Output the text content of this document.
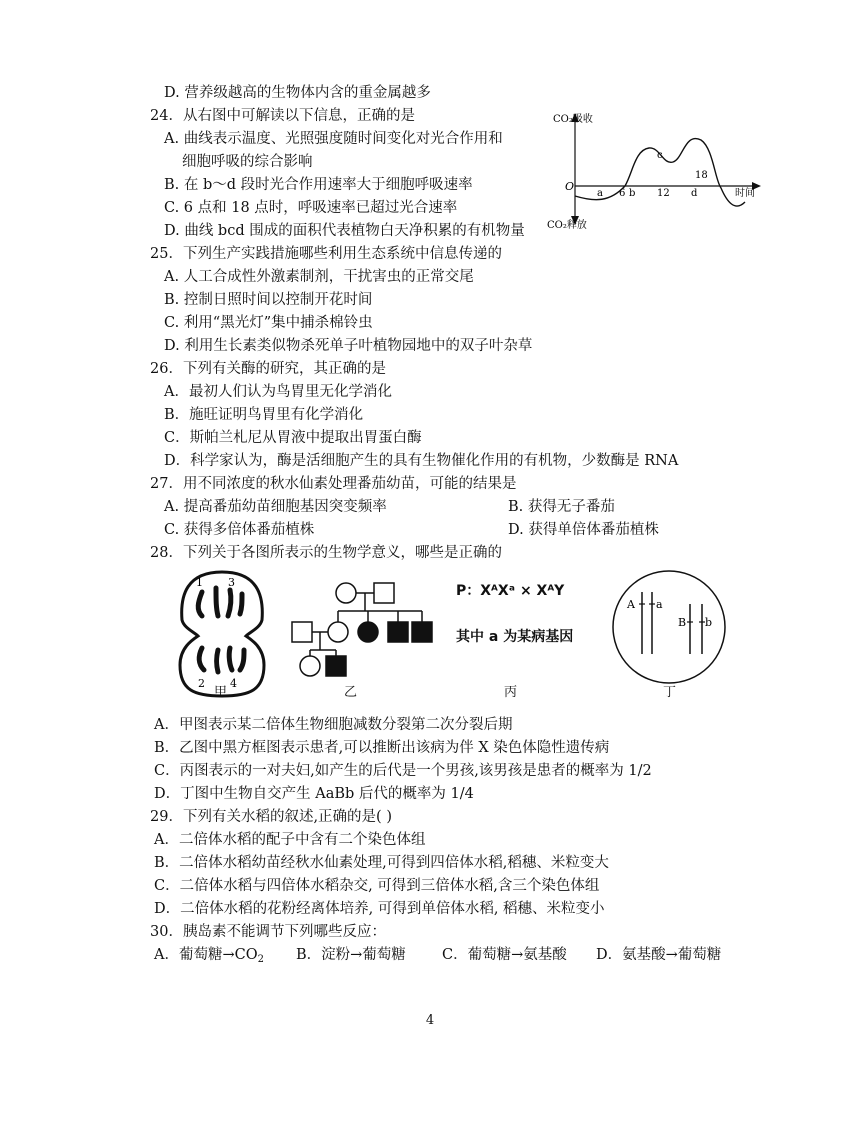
D. 营养级越高的生物体内含的重金属越多
24．从右图中可解读以下信息，正确的是
A. 曲线表示温度、光照强度随时间变化对光合作用和
细胞呼吸的综合影响
B. 在 b～d 段时光合作用速率大于细胞呼吸速率
C. 6 点和 18 点时，呼吸速率已超过光合速率
D. 曲线 bcd 围成的面积代表植物白天净积累的有机物量
CO₂吸收
CO₂释放
O
时间
a 6 b 12
c
18
d
25．下列生产实践措施哪些利用生态系统中信息传递的
A. 人工合成性外激素制剂，干扰害虫的正常交尾
B. 控制日照时间以控制开花时间
C. 利用“黑光灯”集中捕杀棉铃虫
D. 利用生长素类似物杀死单子叶植物园地中的双子叶杂草
26．下列有关酶的研究，其正确的是
A．最初人们认为鸟胃里无化学消化
B．施旺证明鸟胃里有化学消化
C．斯帕兰札尼从胃液中提取出胃蛋白酶
D．科学家认为，酶是活细胞产生的具有生物催化作用的有机物，少数酶是 RNA
27．用不同浓度的秋水仙素处理番茄幼苗，可能的结果是
A. 提高番茄幼苗细胞基因突变频率	B. 获得无子番茄
C. 获得多倍体番茄植株	D. 获得单倍体番茄植株
28．下列关于各图所表示的生物学意义，哪些是正确的
1 3
2 4
甲	乙
P：XᴬXᵃ × XᴬY
其中 a 为某病基因
丙
A a
B b
丁
A．甲图表示某二倍体生物细胞减数分裂第二次分裂后期
B．乙图中黑方框图表示患者,可以推断出该病为伴 X 染色体隐性遗传病
C．丙图表示的一对夫妇,如产生的后代是一个男孩,该男孩是患者的概率为 1/2
D．丁图中生物自交产生 AaBb 后代的概率为 1/4
29．下列有关水稻的叙述,正确的是( )
A．二倍体水稻的配子中含有二个染色体组
B．二倍体水稻幼苗经秋水仙素处理,可得到四倍体水稻,稻穗、米粒变大
C．二倍体水稻与四倍体水稻杂交, 可得到三倍体水稻,含三个染色体组
D．二倍体水稻的花粉经离体培养, 可得到单倍体水稻, 稻穗、米粒变小
30．胰岛素不能调节下列哪些反应：
A．葡萄糖$\to CO_2$ B．淀粉→葡萄糖 C．葡萄糖→氨基酸 D．氨基酸→葡萄糖
4
